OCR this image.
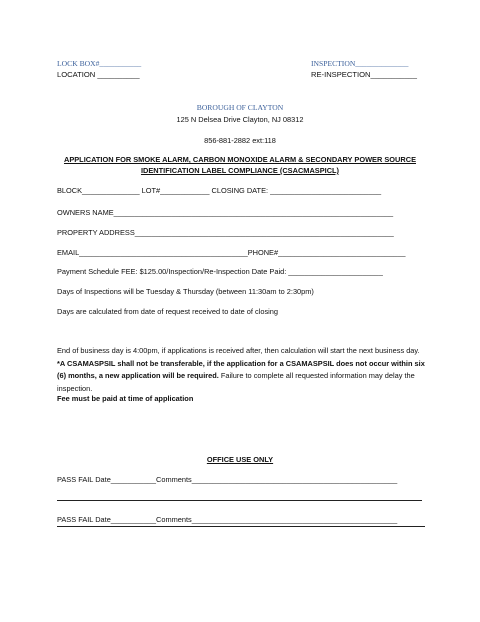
LOCK BOX#___________
LOCATION __________
INSPECTION______________
RE-INSPECTION___________
BOROUGH OF CLAYTON
125 N Delsea Drive Clayton, NJ 08312
856-881-2882 ext:118
APPLICATION FOR SMOKE ALARM, CARBON MONOXIDE ALARM & SECONDARY POWER SOURCE
IDENTIFICATION LABEL COMPLIANCE (CSACMASPICL)
BLOCK______________ LOT#____________ CLOSING DATE: ___________________________
OWNERS NAME____________________________________________________________________
PROPERTY ADDRESS_______________________________________________________________
EMAIL_________________________________________PHONE#_______________________________
Payment Schedule FEE: $125.00/Inspection/Re-Inspection Date Paid: _______________________
Days of Inspections will be Tuesday & Thursday (between 11:30am to 2:30pm)
Days are calculated from date of request received to date of closing
End of business day is 4:00pm, if applications is received after, then calculation will start the next business day. *A CSAMASPSIL shall not be transferable, if the application for a CSAMASPSIL does not occur within six (6) months, a new application will be required. Failure to complete all requested information may delay the inspection.
Fee must be paid at time of application
OFFICE USE ONLY
PASS FAIL Date___________Comments__________________________________________________
PASS FAIL Date___________Comments__________________________________________________
